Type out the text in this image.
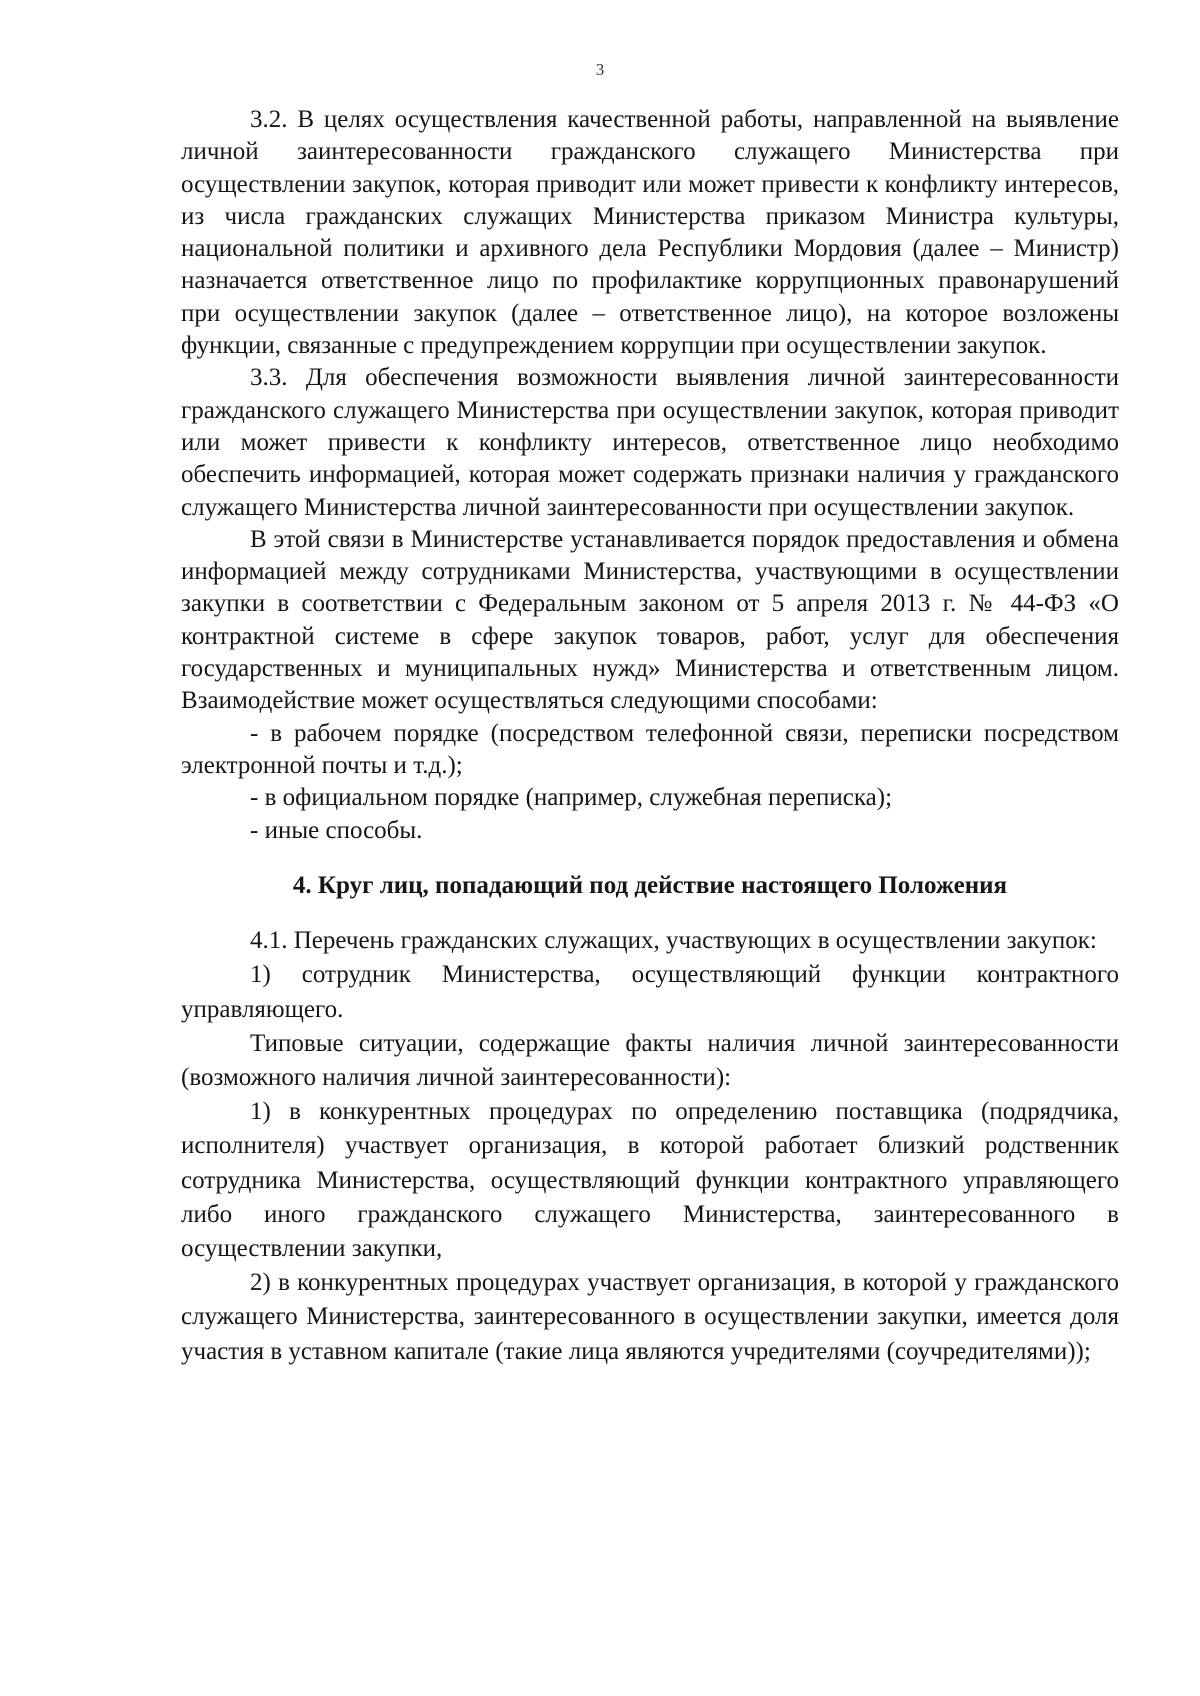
3

3.2. В целях осуществления качественной работы, направленной на выявление личной заинтересованности гражданского служащего Министерства при осуществлении закупок, которая приводит или может привести к конфликту интересов, из числа гражданских служащих Министерства приказом Министра культуры, национальной политики и архивного дела Республики Мордовия (далее – Министр) назначается ответственное лицо по профилактике коррупционных правонарушений при осуществлении закупок (далее – ответственное лицо), на которое возложены функции, связанные с предупреждением коррупции при осуществлении закупок.

3.3. Для обеспечения возможности выявления личной заинтересованности гражданского служащего Министерства при осуществлении закупок, которая приводит или может привести к конфликту интересов, ответственное лицо необходимо обеспечить информацией, которая может содержать признаки наличия у гражданского служащего Министерства личной заинтересованности при осуществлении закупок.

В этой связи в Министерстве устанавливается порядок предоставления и обмена информацией между сотрудниками Министерства, участвующими в осуществлении закупки в соответствии с Федеральным законом от 5 апреля 2013 г. № 44-ФЗ «О контрактной системе в сфере закупок товаров, работ, услуг для обеспечения государственных и муниципальных нужд» Министерства и ответственным лицом. Взаимодействие может осуществляться следующими способами:

- в рабочем порядке (посредством телефонной связи, переписки посредством электронной почты и т.д.);

- в официальном порядке (например, служебная переписка);

- иные способы.

4. Круг лиц, попадающий под действие настоящего Положения

4.1. Перечень гражданских служащих, участвующих в осуществлении закупок:

1) сотрудник Министерства, осуществляющий функции контрактного управляющего.

Типовые ситуации, содержащие факты наличия личной заинтересованности (возможного наличия личной заинтересованности):

1) в конкурентных процедурах по определению поставщика (подрядчика, исполнителя) участвует организация, в которой работает близкий родственник сотрудника Министерства, осуществляющий функции контрактного управляющего либо иного гражданского служащего Министерства, заинтересованного в осуществлении закупки,

2) в конкурентных процедурах участвует организация, в которой у гражданского служащего Министерства, заинтересованного в осуществлении закупки, имеется доля участия в уставном капитале (такие лица являются учредителями (соучредителями));
